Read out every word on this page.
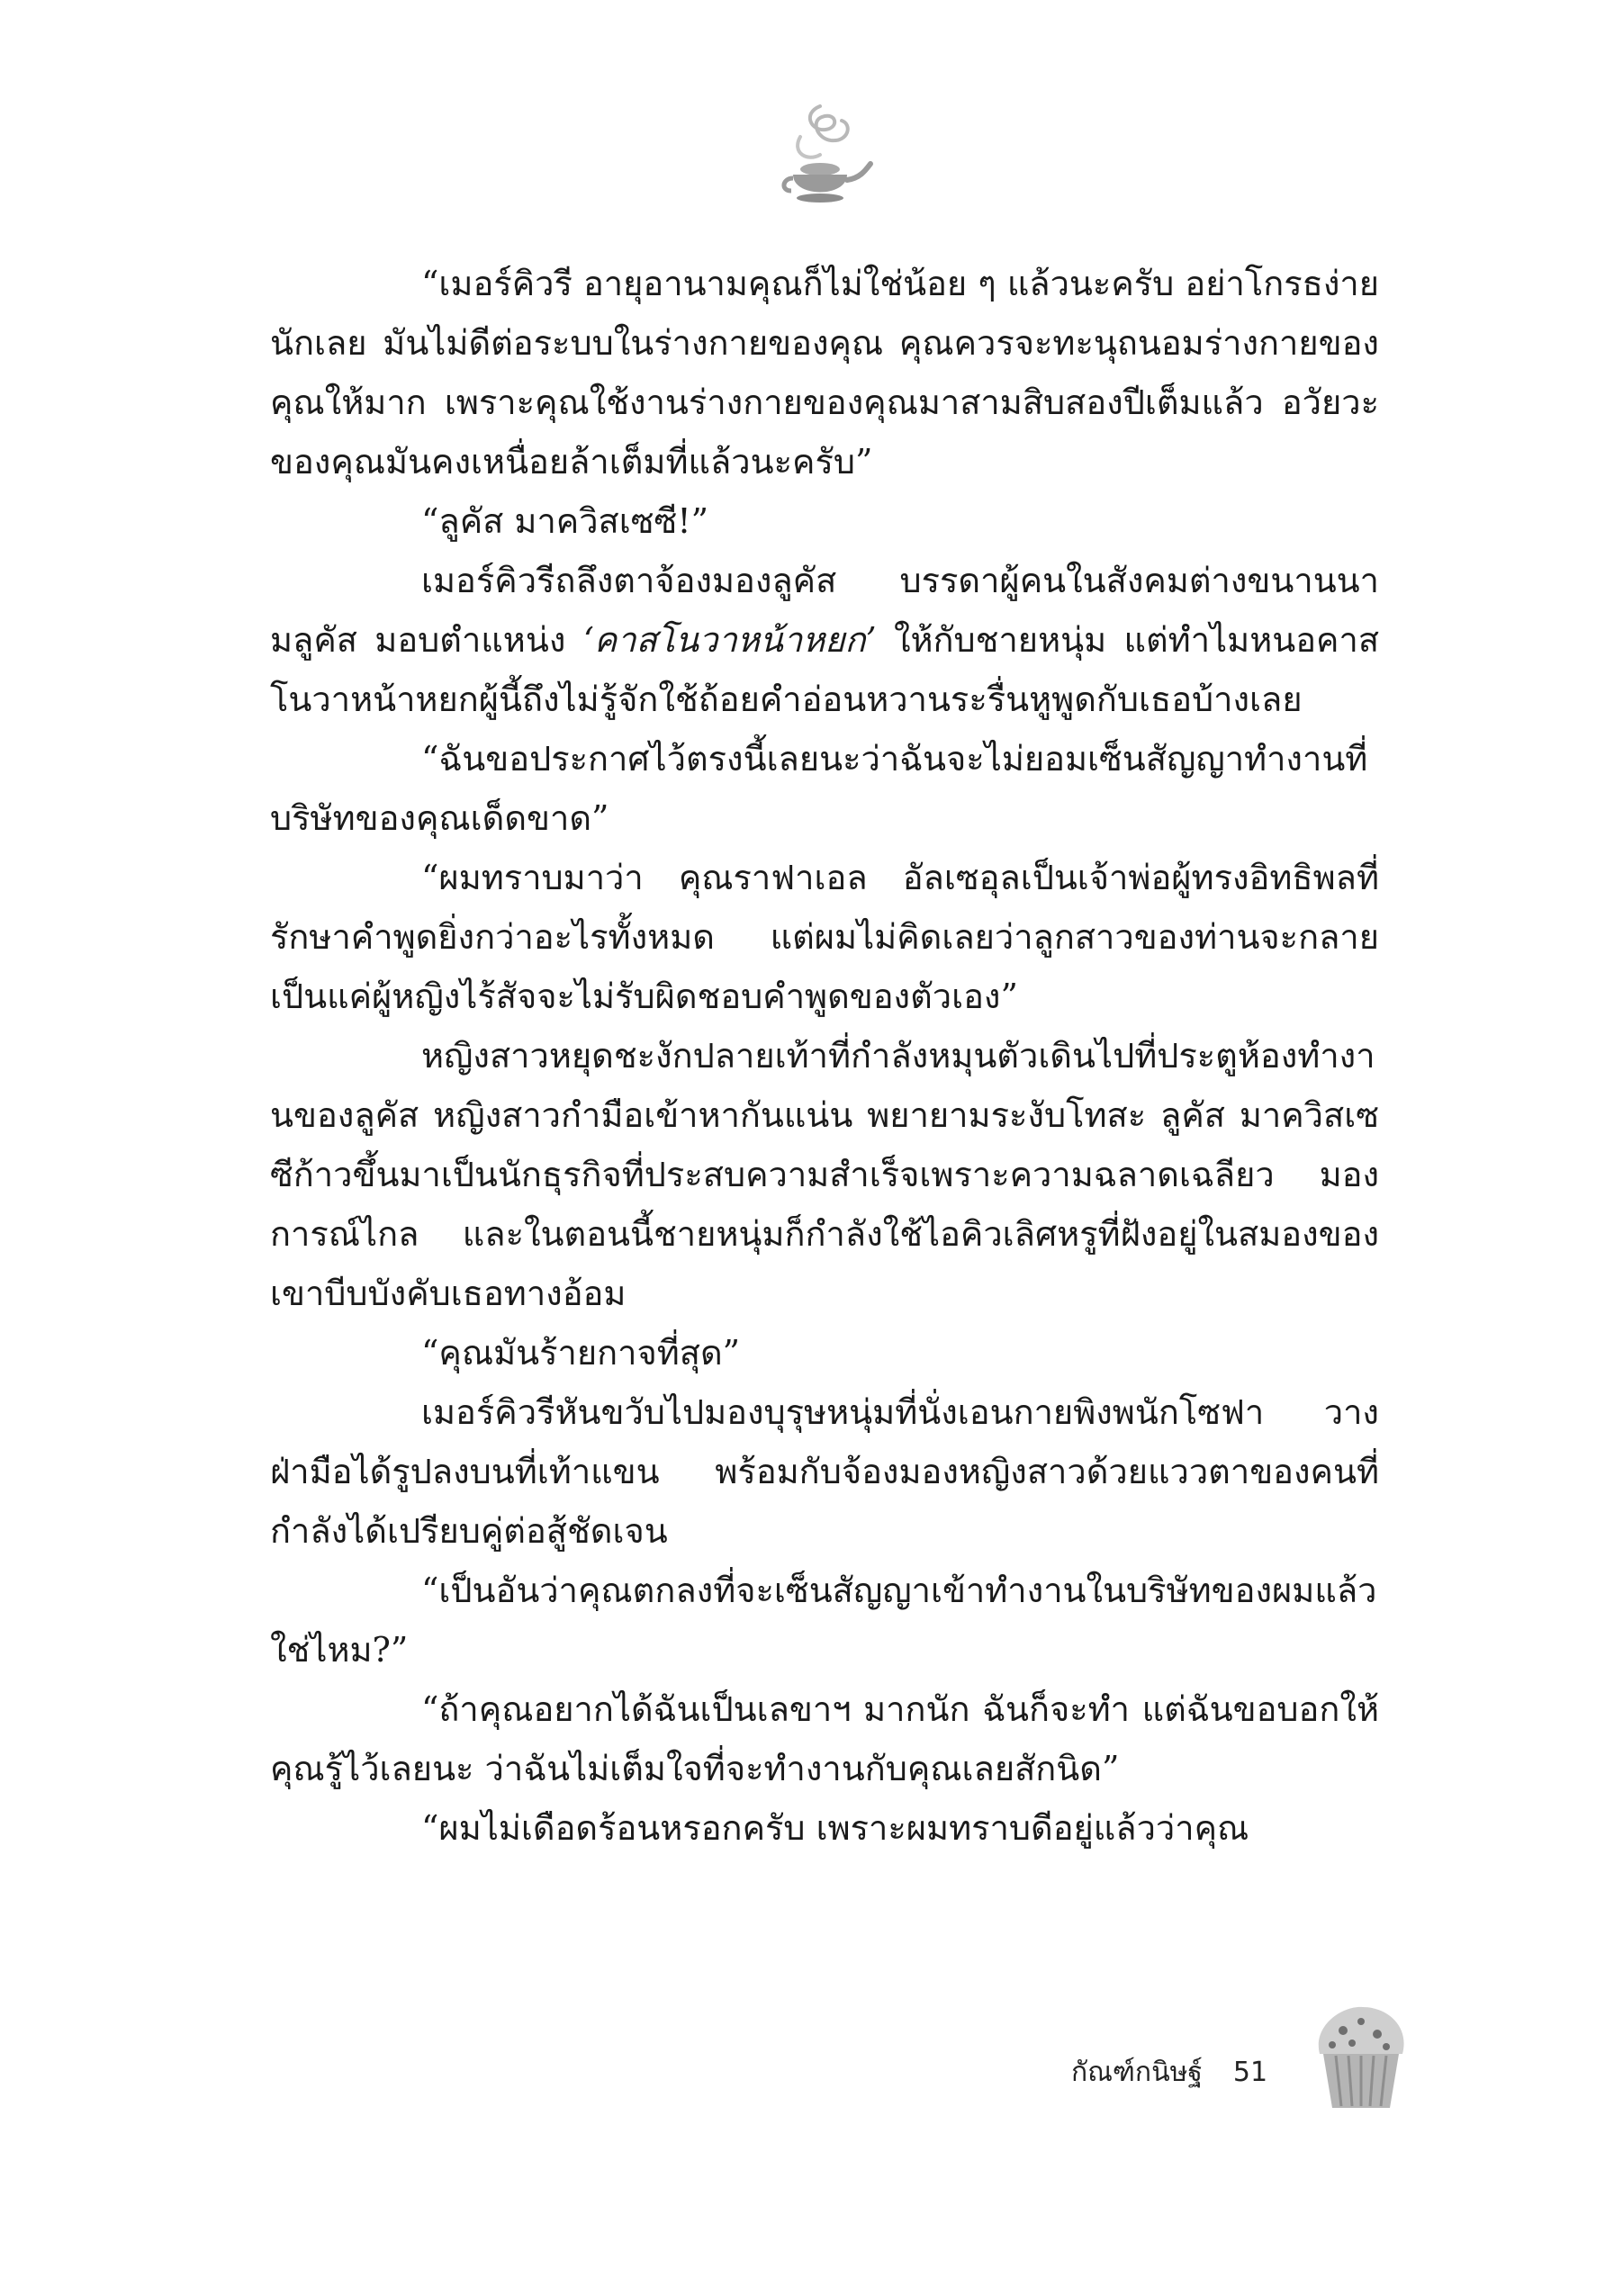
“เมอร์คิวรี อายุอานามคุณก็ไม่ใช่น้อย ๆ แล้วนะครับ อย่าโกรธง่ายนักเลย มันไม่ดีต่อระบบในร่างกายของคุณ คุณควรจะทะนุถนอมร่างกายของคุณให้มาก เพราะคุณใช้งานร่างกายของคุณมาสามสิบสองปีเต็มแล้ว อวัยวะของคุณมันคงเหนื่อยล้าเต็มที่แล้วนะครับ”

“ลูคัส มาควิสเซซี!”

เมอร์คิวรีถลึงตาจ้องมองลูคัส บรรดาผู้คนในสังคมต่างขนานนามลูคัส มอบตำแหน่ง ‘คาสโนวาหน้าหยก’ ให้กับชายหนุ่ม แต่ทำไมหนอคาสโนวาหน้าหยกผู้นี้ถึงไม่รู้จักใช้ถ้อยคำอ่อนหวานระรื่นหูพูดกับเธอบ้างเลย

“ฉันขอประกาศไว้ตรงนี้เลยนะว่าฉันจะไม่ยอมเซ็นสัญญาทำงานที่บริษัทของคุณเด็ดขาด”

“ผมทราบมาว่า คุณราฟาเอล อัลเซอุลเป็นเจ้าพ่อผู้ทรงอิทธิพลที่รักษาคำพูดยิ่งกว่าอะไรทั้งหมด แต่ผมไม่คิดเลยว่าลูกสาวของท่านจะกลายเป็นแค่ผู้หญิงไร้สัจจะไม่รับผิดชอบคำพูดของตัวเอง”

หญิงสาวหยุดชะงักปลายเท้าที่กำลังหมุนตัวเดินไปที่ประตูห้องทำงานของลูคัส หญิงสาวกำมือเข้าหากันแน่น พยายามระงับโทสะ ลูคัส มาควิสเซซีก้าวขึ้นมาเป็นนักธุรกิจที่ประสบความสำเร็จเพราะความฉลาดเฉลียว มองการณ์ไกล และในตอนนี้ชายหนุ่มก็กำลังใช้ไอคิวเลิศหรูที่ฝังอยู่ในสมองของเขาบีบบังคับเธอทางอ้อม

“คุณมันร้ายกาจที่สุด”

เมอร์คิวรีหันขวับไปมองบุรุษหนุ่มที่นั่งเอนกายพิงพนักโซฟา วางฝ่ามือได้รูปลงบนที่เท้าแขน พร้อมกับจ้องมองหญิงสาวด้วยแววตาของคนที่กำลังได้เปรียบคู่ต่อสู้ชัดเจน

“เป็นอันว่าคุณตกลงที่จะเซ็นสัญญาเข้าทำงานในบริษัทของผมแล้วใช่ไหม?”

“ถ้าคุณอยากได้ฉันเป็นเลขาฯ มากนัก ฉันก็จะทำ แต่ฉันขอบอกให้คุณรู้ไว้เลยนะ ว่าฉันไม่เต็มใจที่จะทำงานกับคุณเลยสักนิด”

“ผมไม่เดือดร้อนหรอกครับ เพราะผมทราบดีอยู่แล้วว่าคุณ

กัณฑ์กนิษฐ์ 51
